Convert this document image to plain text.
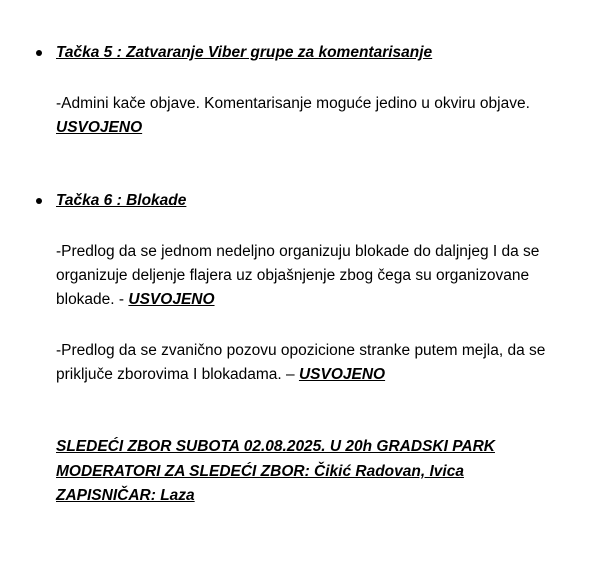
Tačka 5 : Zatvaranje Viber grupe za komentarisanje
-Admini kače objave. Komentarisanje moguće jedino u okviru objave. USVOJENO
Tačka 6 : Blokade
-Predlog da se jednom nedeljno organizuju blokade do daljnjeg I da se organizuje deljenje flajera uz objašnjenje zbog čega su organizovane blokade. - USVOJENO
-Predlog da se zvanično pozovu opozicione stranke putem mejla, da se priključe zborovima I blokadama. – USVOJENO
SLEDEĆI ZBOR SUBOTA 02.08.2025. U 20h GRADSKI PARK
MODERATORI ZA SLEDEĆI ZBOR: Čikić Radovan, Ivica
ZAPISNIČAR: Laza
